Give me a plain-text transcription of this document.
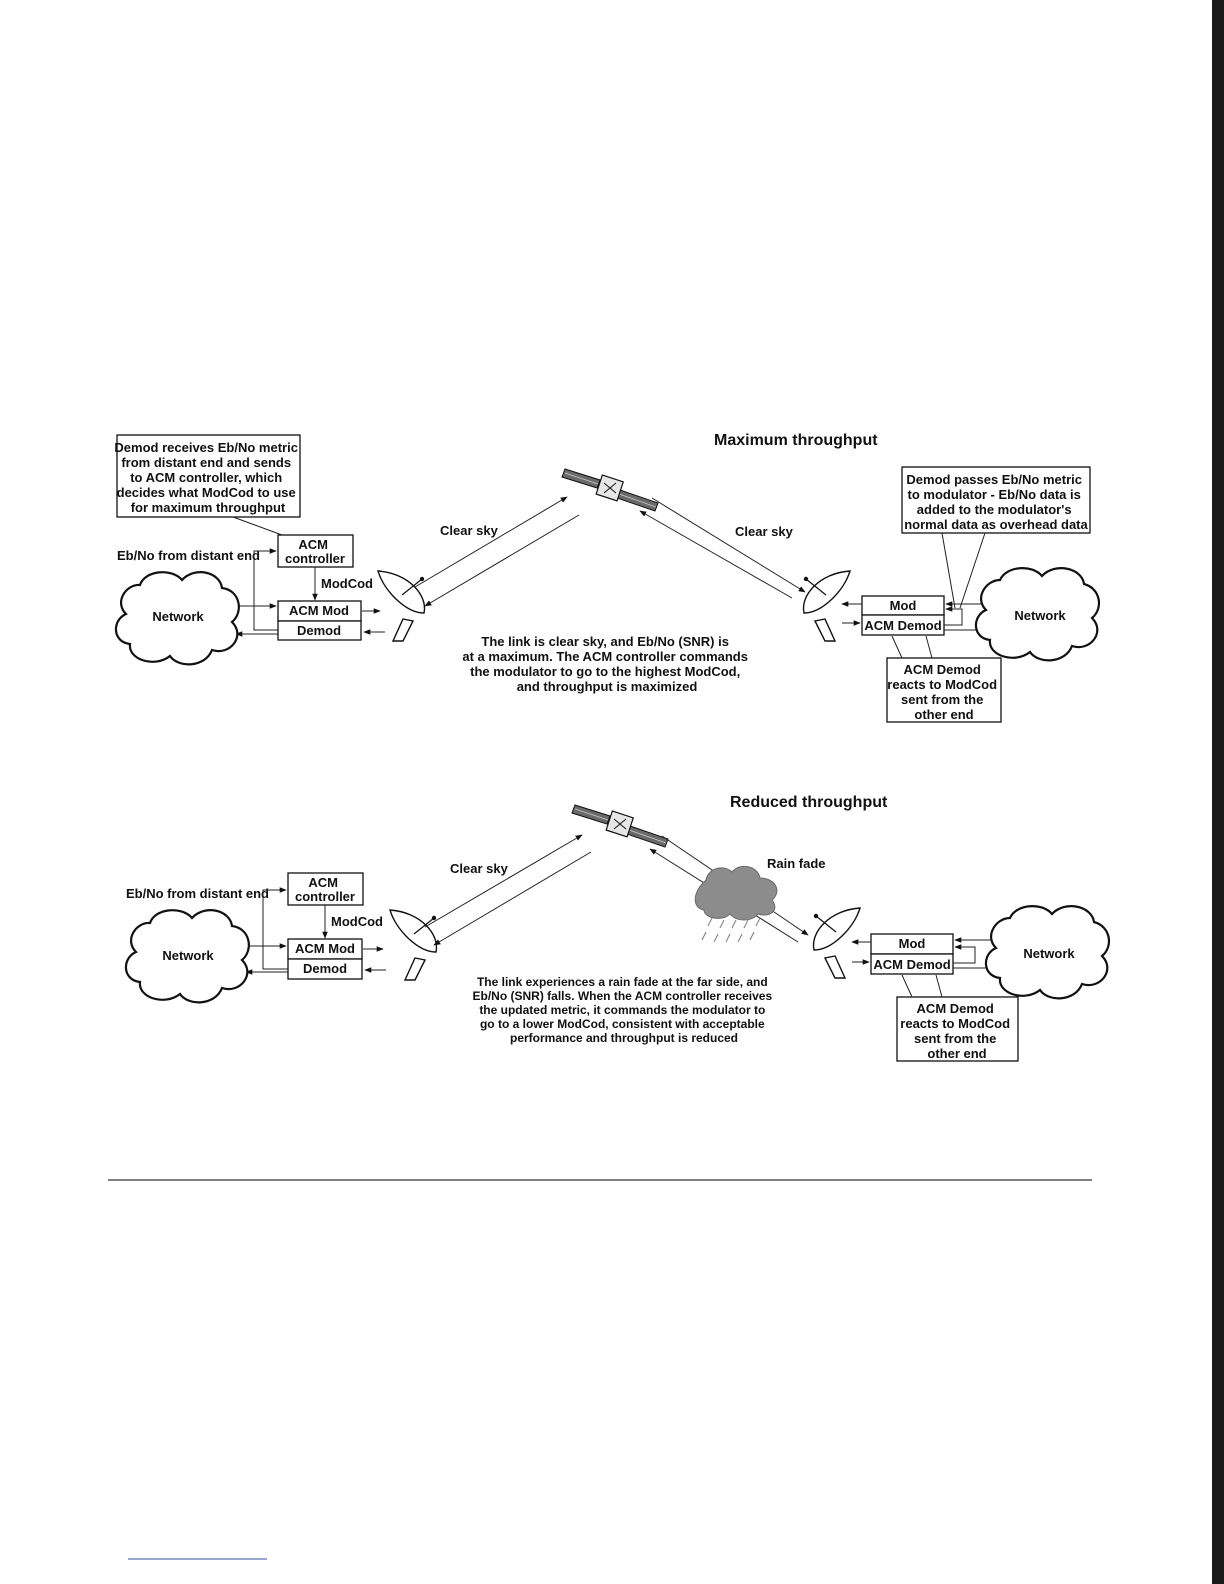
Maximum throughput
Demod receives Eb/No metric from distant end and sends to ACM controller, which decides what ModCod to use for maximum throughput
Eb/No from distant end
ACM controller
ModCod
ACM Mod
Demod
Network
Clear sky	Clear sky
Demod passes Eb/No metric to modulator - Eb/No data is added to the modulator's normal data as overhead data
Mod
ACM Demod
Network
The link is clear sky, and Eb/No (SNR) is at a maximum. The ACM controller commands the modulator to go to the highest ModCod, and throughput is maximized
ACM Demod reacts to ModCod sent from the other end
Reduced throughput
Eb/No from distant end
ACM controller
ModCod
ACM Mod
Demod
Network
Clear sky	Rain fade
Mod
ACM Demod
Network
The link experiences a rain fade at the far side, and Eb/No (SNR) falls. When the ACM controller receives the updated metric, it commands the modulator to go to a lower ModCod, consistent with acceptable performance and throughput is reduced
ACM Demod reacts to ModCod sent from the other end
